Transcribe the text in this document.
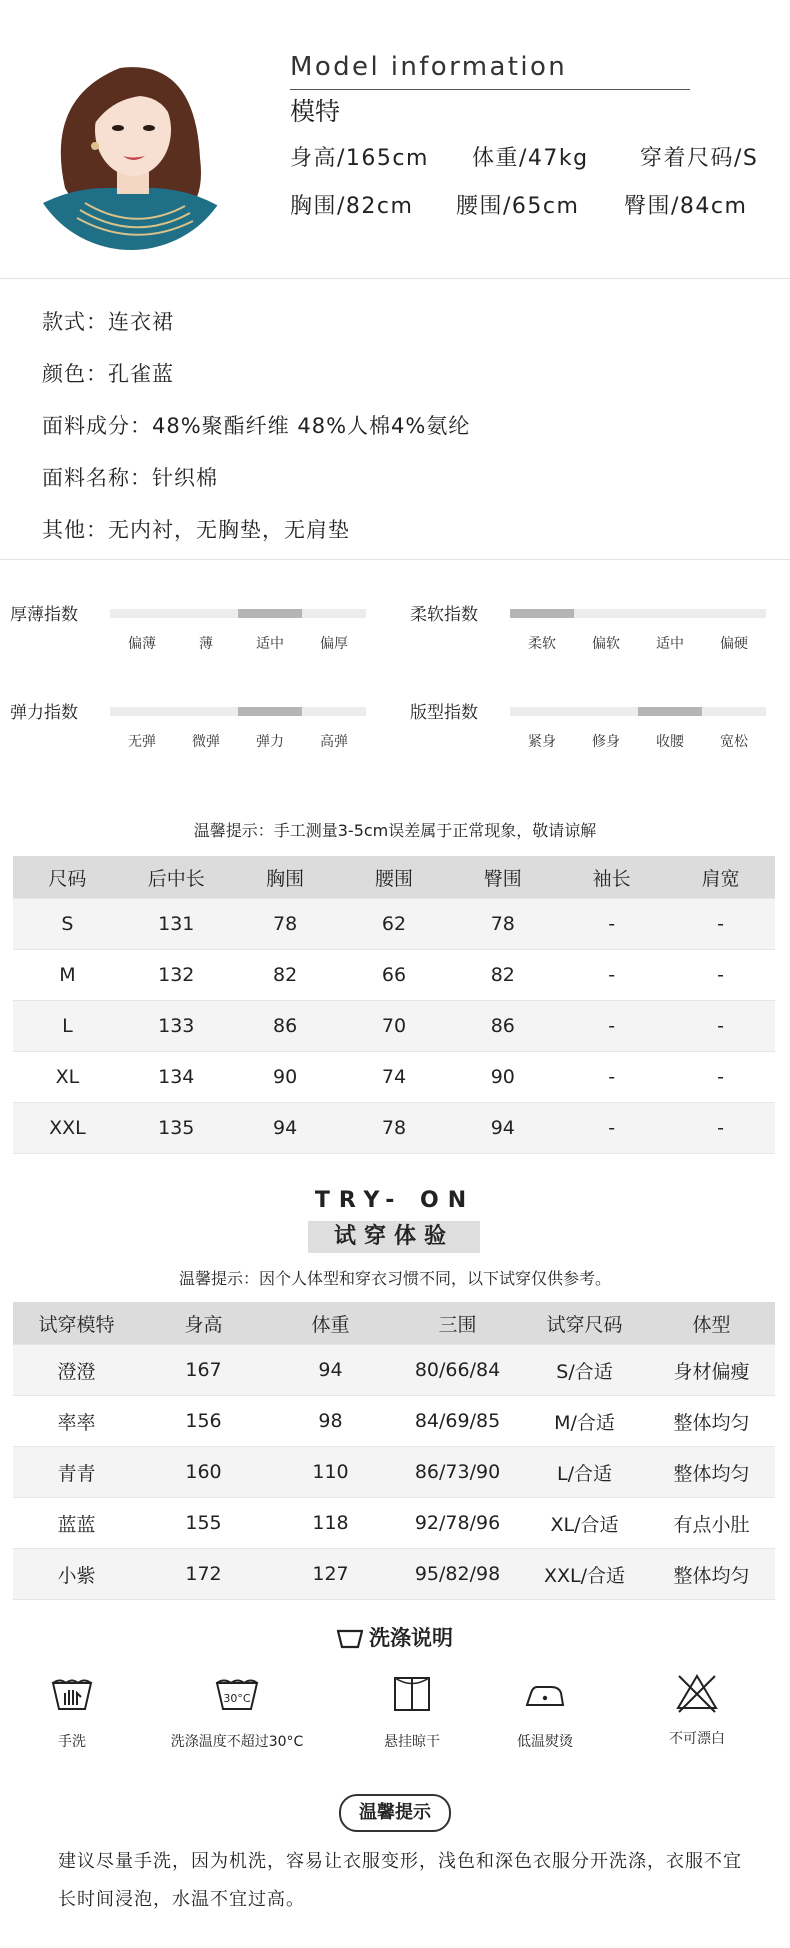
Model information
模特
身高/165cm 体重/47kg 穿着尺码/S
胸围/82cm 腰围/65cm 臀围/84cm
款式：连衣裙
颜色：孔雀蓝
面料成分：48%聚酯纤维 48%人棉4%氨纶
面料名称：针织棉
其他：无内衬，无胸垫，无肩垫
厚薄指数
偏薄	薄	适中	偏厚
柔软指数
柔软	偏软	适中	偏硬
弹力指数
无弹	微弹	弹力	高弹
版型指数
紧身	修身	收腰	宽松
温馨提示：手工测量3-5cm误差属于正常现象，敬请谅解
尺码	后中长	胸围	腰围	臀围	袖长	肩宽
S	131	78	62	78	-	-
M	132	82	66	82	-	-
L	133	86	70	86	-	-
XL	134	90	74	90	-	-
XXL	135	94	78	94	-	-
TRY- ON
试穿体验
温馨提示：因个人体型和穿衣习惯不同，以下试穿仅供参考。
试穿模特	身高	体重	三围	试穿尺码	体型
澄澄	167	94	80/66/84	S/合适	身材偏瘦
率率	156	98	84/69/85	M/合适	整体均匀
青青	160	110	86/73/90	L/合适	整体均匀
蓝蓝	155	118	92/78/96	XL/合适	有点小肚
小紫	172	127	95/82/98	XXL/合适	整体均匀
洗涤说明
手洗
30°C
洗涤温度不超过30°C	悬挂晾干	低温熨烫	不可漂白
温馨提示
建议尽量手洗，因为机洗，容易让衣服变形，浅色和深色衣服分开洗涤，衣服不宜长时间浸泡，水温不宜过高。
